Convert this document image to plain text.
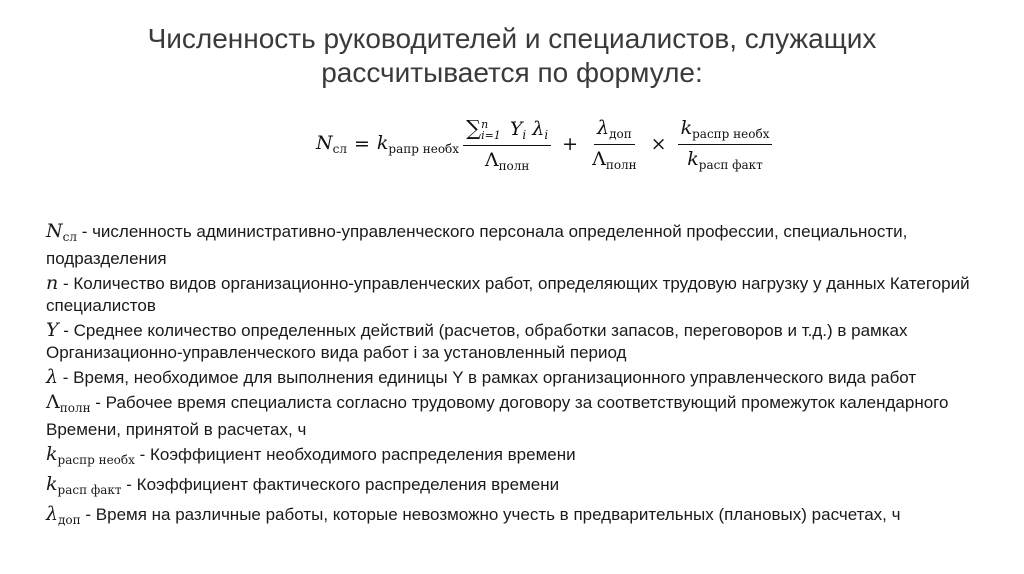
Численность руководителей и специалистов, служащих
рассчитывается по формуле:
$N_{сл} = k_{рапр необх}$ ∑ n
i=1 $Y_i$ $\lambda_i$
$\Lambda_{полн} + \frac{\lambda_{доп}}{\Lambda_{полн}} \times \frac{k_{распр необх}}{k_{расп факт}}$
$N_{сл}$ - численность административно-управленческого персонала определенной профессии, специальности, подразделения
n - Количество видов организационно-управленческих работ, определяющих трудовую нагрузку у данных Категорий специалистов
Y - Среднее количество определенных действий (расчетов, обработки запасов, переговоров и т.д.) в рамках Организационно-управленческого вида работ i за установленный период
λ - Время, необходимое для выполнения единицы Y в рамках организационного управленческого вида работ
$\Lambda_{полн}$ - Рабочее время специалиста согласно трудовому договору за соответствующий промежуток календарного Времени, принятой в расчетах, ч
$k_{распр необх}$ - Коэффициент необходимого распределения времени
$k_{расп факт}$ - Коэффициент фактического распределения времени
$\lambda_{доп}$ - Время на различные работы, которые невозможно учесть в предварительных (плановых) расчетах, ч
